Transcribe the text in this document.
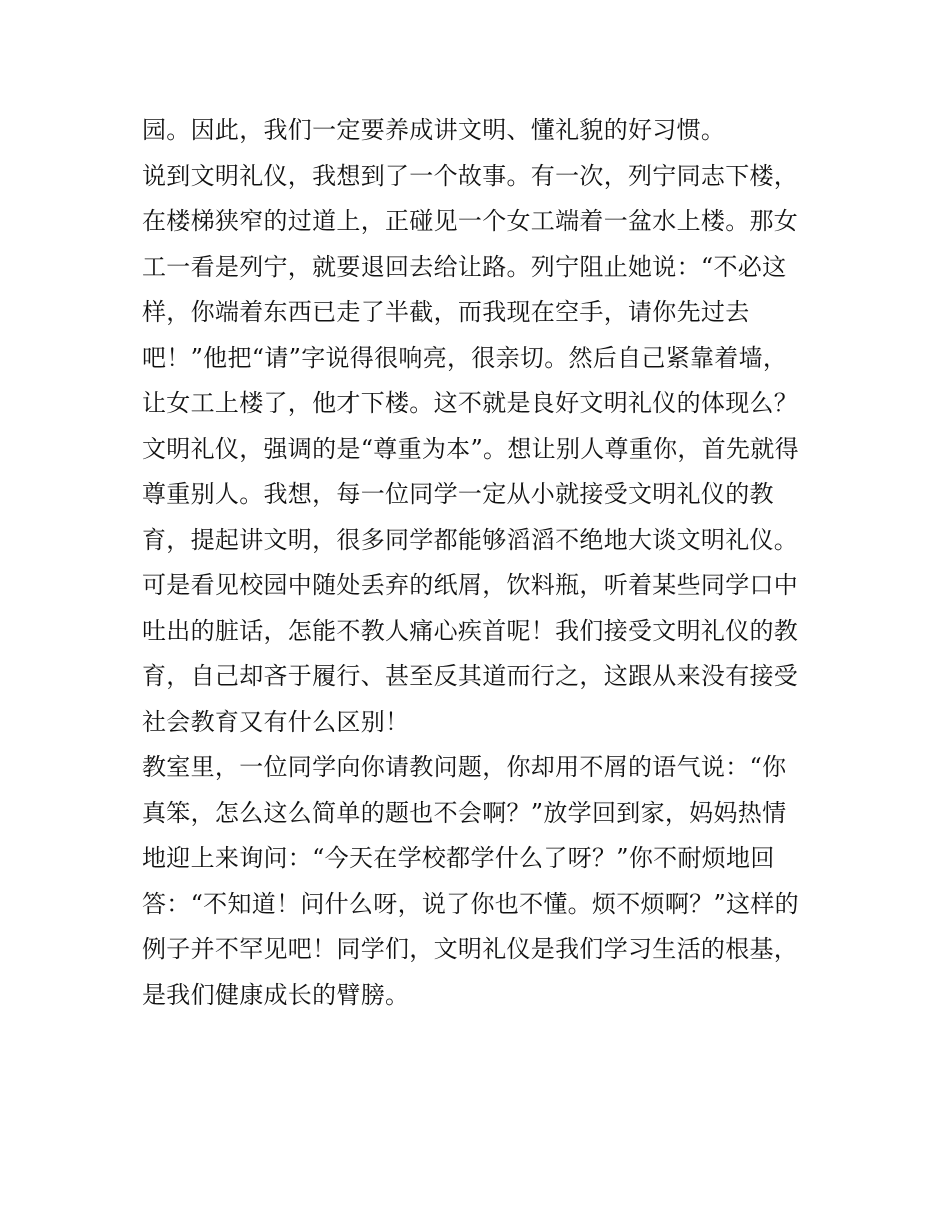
园。因此，我们一定要养成讲文明、懂礼貌的好习惯。
说到文明礼仪，我想到了一个故事。有一次，列宁同志下楼，
在楼梯狭窄的过道上，正碰见一个女工端着一盆水上楼。那女
工一看是列宁，就要退回去给让路。列宁阻止她说：“不必这
样，你端着东西已走了半截，而我现在空手，请你先过去
吧！”他把“请”字说得很响亮，很亲切。然后自己紧靠着墙，
让女工上楼了，他才下楼。这不就是良好文明礼仪的体现么？
文明礼仪，强调的是“尊重为本”。想让别人尊重你，首先就得
尊重别人。我想，每一位同学一定从小就接受文明礼仪的教
育，提起讲文明，很多同学都能够滔滔不绝地大谈文明礼仪。
可是看见校园中随处丢弃的纸屑，饮料瓶，听着某些同学口中
吐出的脏话，怎能不教人痛心疾首呢！我们接受文明礼仪的教
育，自己却吝于履行、甚至反其道而行之，这跟从来没有接受
社会教育又有什么区别！
教室里，一位同学向你请教问题，你却用不屑的语气说：“你
真笨，怎么这么简单的题也不会啊？”放学回到家，妈妈热情
地迎上来询问：“今天在学校都学什么了呀？”你不耐烦地回
答：“不知道！问什么呀，说了你也不懂。烦不烦啊？”这样的
例子并不罕见吧！同学们，文明礼仪是我们学习生活的根基，
是我们健康成长的臂膀。
